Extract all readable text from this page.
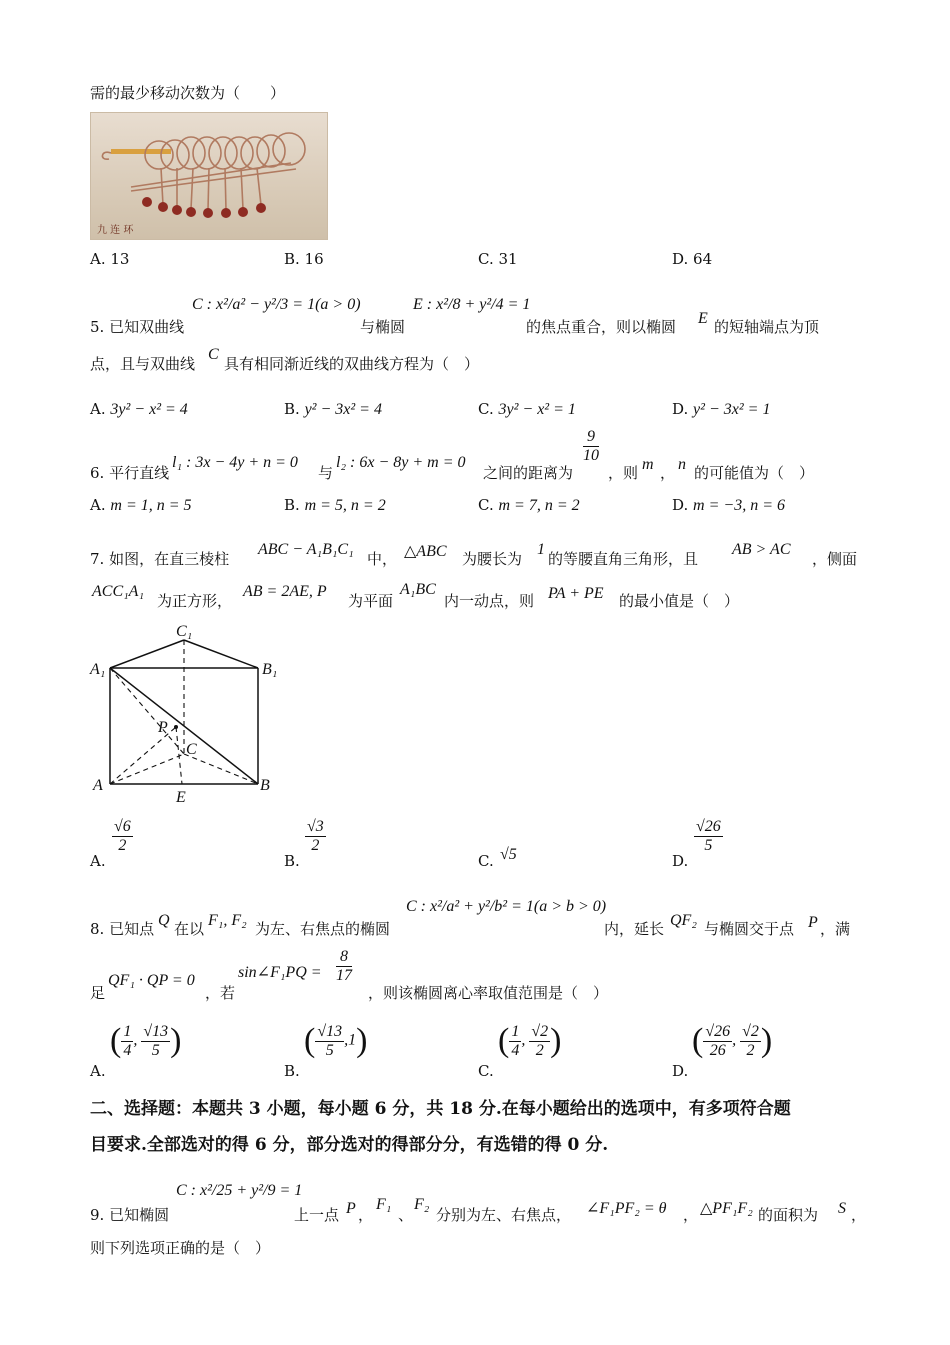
需的最少移动次数为（　　）
九 连 环
A. 13	B. 16	C. 31	D. 64
5. 已知双曲线
C : x²/a² − y²/3 = 1(a > 0)
与椭圆
E : x²/8 + y²/4 = 1
的焦点重合，则以椭圆 E 的短轴端点为顶
点，且与双曲线
C
具有相同渐近线的双曲线方程为（　）
A. 3y² − x² = 4	B. y² − 3x² = 4	C. 3y² − x² = 1	D. y² − 3x² = 1
6. 平行直线
l₁ : 3x − 4y + n = 0
与
l₂ : 6x − 8y + m = 0
之间的距离为
$\frac{9}{10}$
，则 m ， n 的可能值为（　）
A. m = 1, n = 5	B. m = 5, n = 2	C. m = 7, n = 2	D. m = −3, n = 6
7. 如图，在直三棱柱
ABC − A₁B₁C₁
中， △ABC 为腰长为
1
的等腰直角三角形，且
AB > AC
，侧面
ACC₁A₁
为正方形，
AB = 2AE, P
为平面
A₁BC
内一动点，则 PA + PE 的最小值是（　）
C₁
A₁	B₁
P
C
A
E
B
A.
$\frac{√6}{2}$
B.
$\frac{√3}{2}$
C. √5	D.
$\frac{√26}{5}$
8. 已知点 Q 在以 F₁, F₂ 为左、右焦点的椭圆
C : x²/a² + y²/b² = 1(a > b > 0)
内，延长 QF₂ 与椭圆交于点 P ，满
足
QF₁ · QP = 0
，若
sin∠F₁PQ = $\frac{8}{17}$
，则该椭圆离心率取值范围是（　）
A.
( $\frac{1}{4}$ , $\frac{√13}{5}$ )
B.
( $\frac{√13}{5} ,1$)
C.
( $\frac{1}{4}$ , $\frac{√2}{2}$ )
D.
( $\frac{√26}{26}$ , $\frac{√2}{2}$ )
二、选择题：本题共 3 小题，每小题 6 分，共 18 分.在每小题给出的选项中，有多项符合题
目要求.全部选对的得 6 分，部分选对的得部分分，有选错的得 0 分.
9. 已知椭圆
C : x²/25 + y²/9 = 1
上一点 P ，
F₁
、
F₂
分别为左、右焦点， ∠F₁PF₂ = θ ， △PF₁F₂ 的面积为 S ，
则下列选项正确的是（　）
